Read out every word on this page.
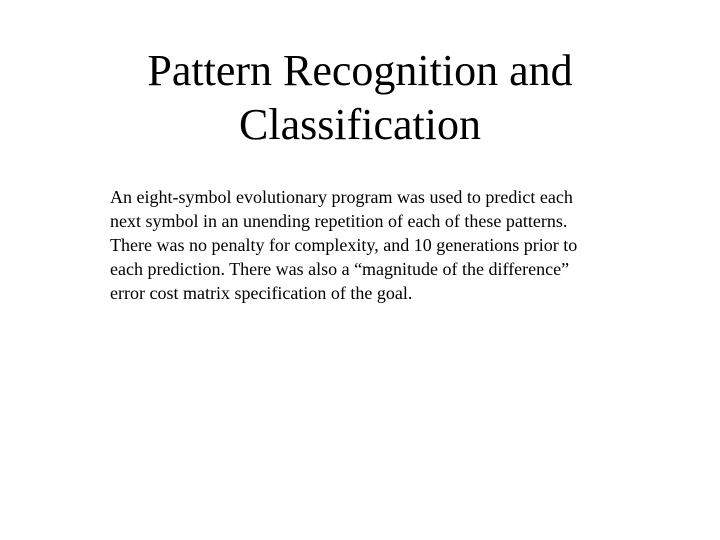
Pattern Recognition and
Classification

An eight-symbol evolutionary program was used to predict each
next symbol in an unending repetition of each of these patterns.
There was no penalty for complexity, and 10 generations prior to
each prediction. There was also a “magnitude of the difference”
error cost matrix specification of the goal.
